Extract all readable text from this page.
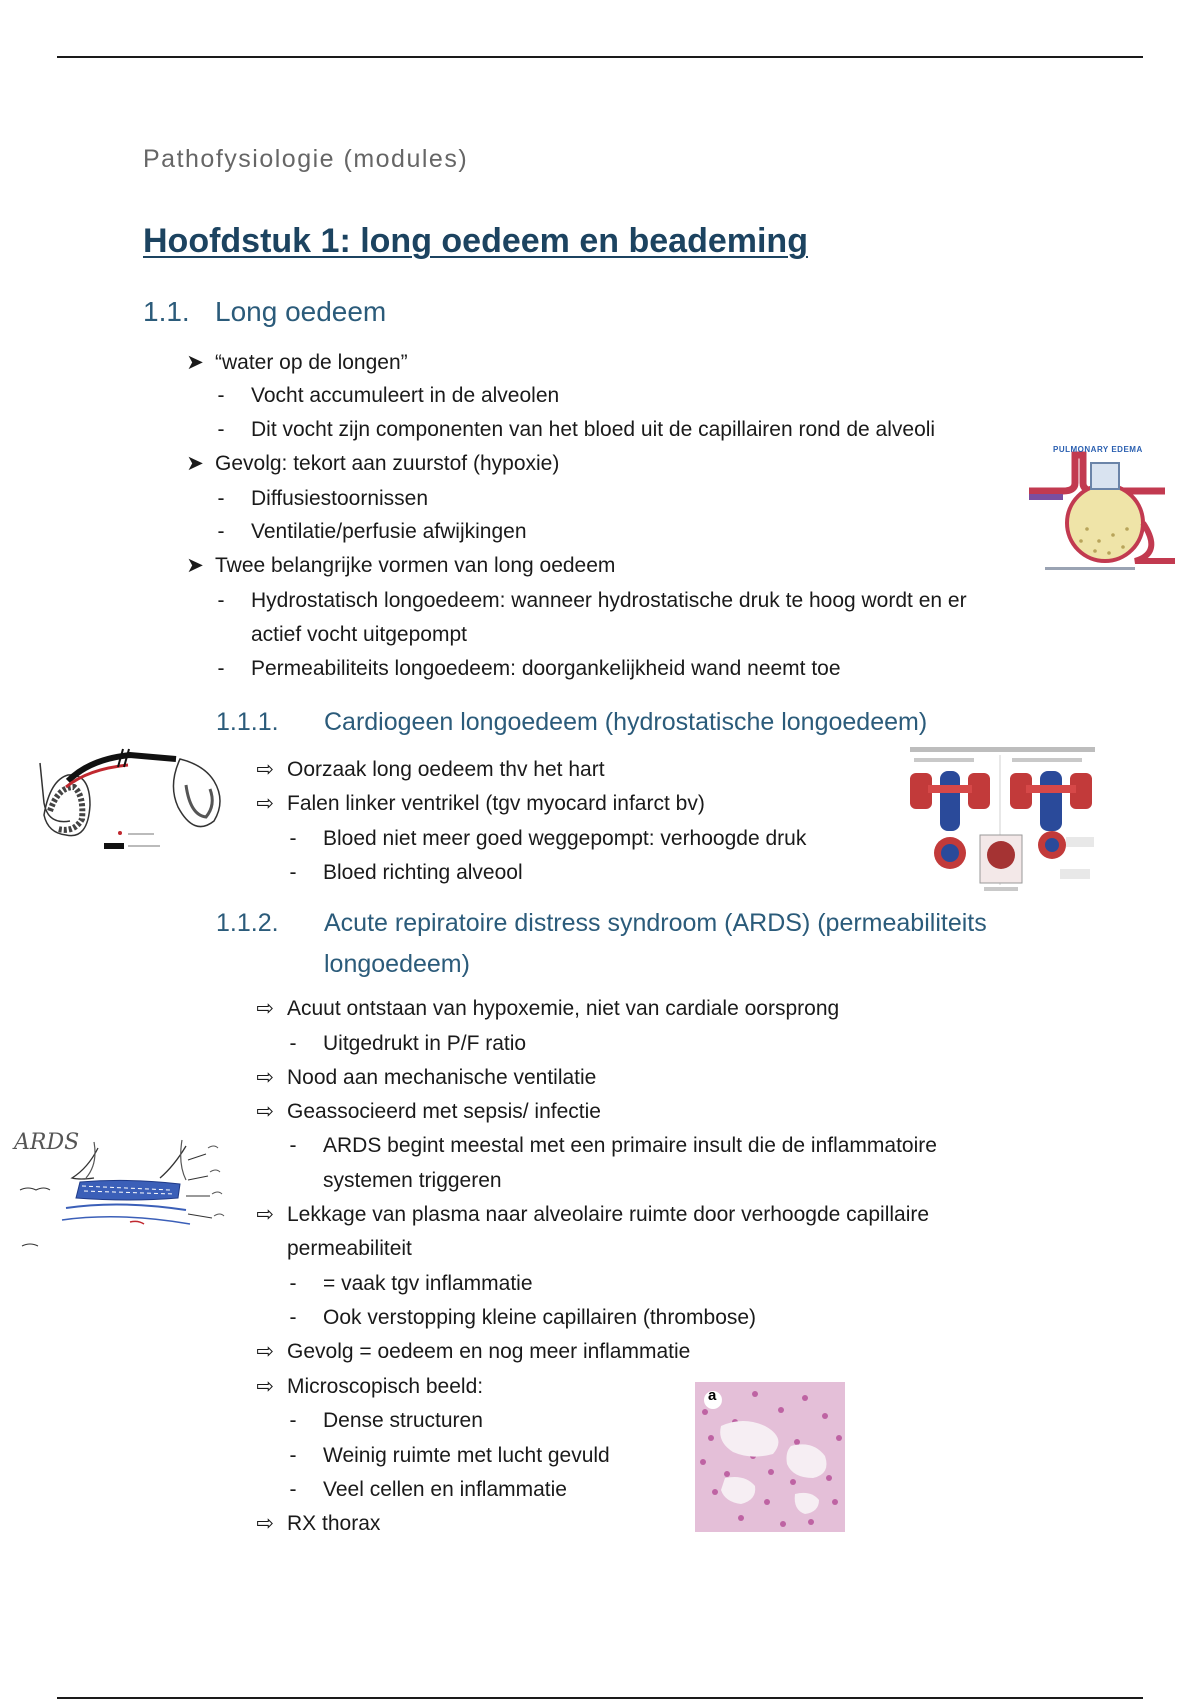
Pathofysiologie (modules)
Hoofdstuk 1: long oedeem en beademing
1.1. Long oedeem
➤ “water op de longen”
- Vocht accumuleert in de alveolen
- Dit vocht zijn componenten van het bloed uit de capillairen rond de alveoli
➤ Gevolg: tekort aan zuurstof (hypoxie)
- Diffusiestoornissen
- Ventilatie/perfusie afwijkingen
➤ Twee belangrijke vormen van long oedeem
- Hydrostatisch longoedeem: wanneer hydrostatische druk te hoog wordt en er
actief vocht uitgepompt
- Permeabiliteits longoedeem: doorgankelijkheid wand neemt toe
PULMONARY EDEMA
1.1.1. Cardiogeen longoedeem (hydrostatische longoedeem)
⇨ Oorzaak long oedeem thv het hart
⇨ Falen linker ventrikel (tgv myocard infarct bv)
- Bloed niet meer goed weggepompt: verhoogde druk
- Bloed richting alveool
1.1.2. Acute repiratoire distress syndroom (ARDS) (permeabiliteits
longoedeem)
⇨ Acuut ontstaan van hypoxemie, niet van cardiale oorsprong
- Uitgedrukt in P/F ratio
⇨ Nood aan mechanische ventilatie
⇨ Geassocieerd met sepsis/ infectie
- ARDS begint meestal met een primaire insult die de inflammatoire
systemen triggeren
⇨ Lekkage van plasma naar alveolaire ruimte door verhoogde capillaire
permeabiliteit
- = vaak tgv inflammatie
- Ook verstopping kleine capillairen (thrombose)
⇨ Gevolg = oedeem en nog meer inflammatie
⇨ Microscopisch beeld:
- Dense structuren
- Weinig ruimte met lucht gevuld
- Veel cellen en inflammatie
⇨ RX thorax
ARDS
a
